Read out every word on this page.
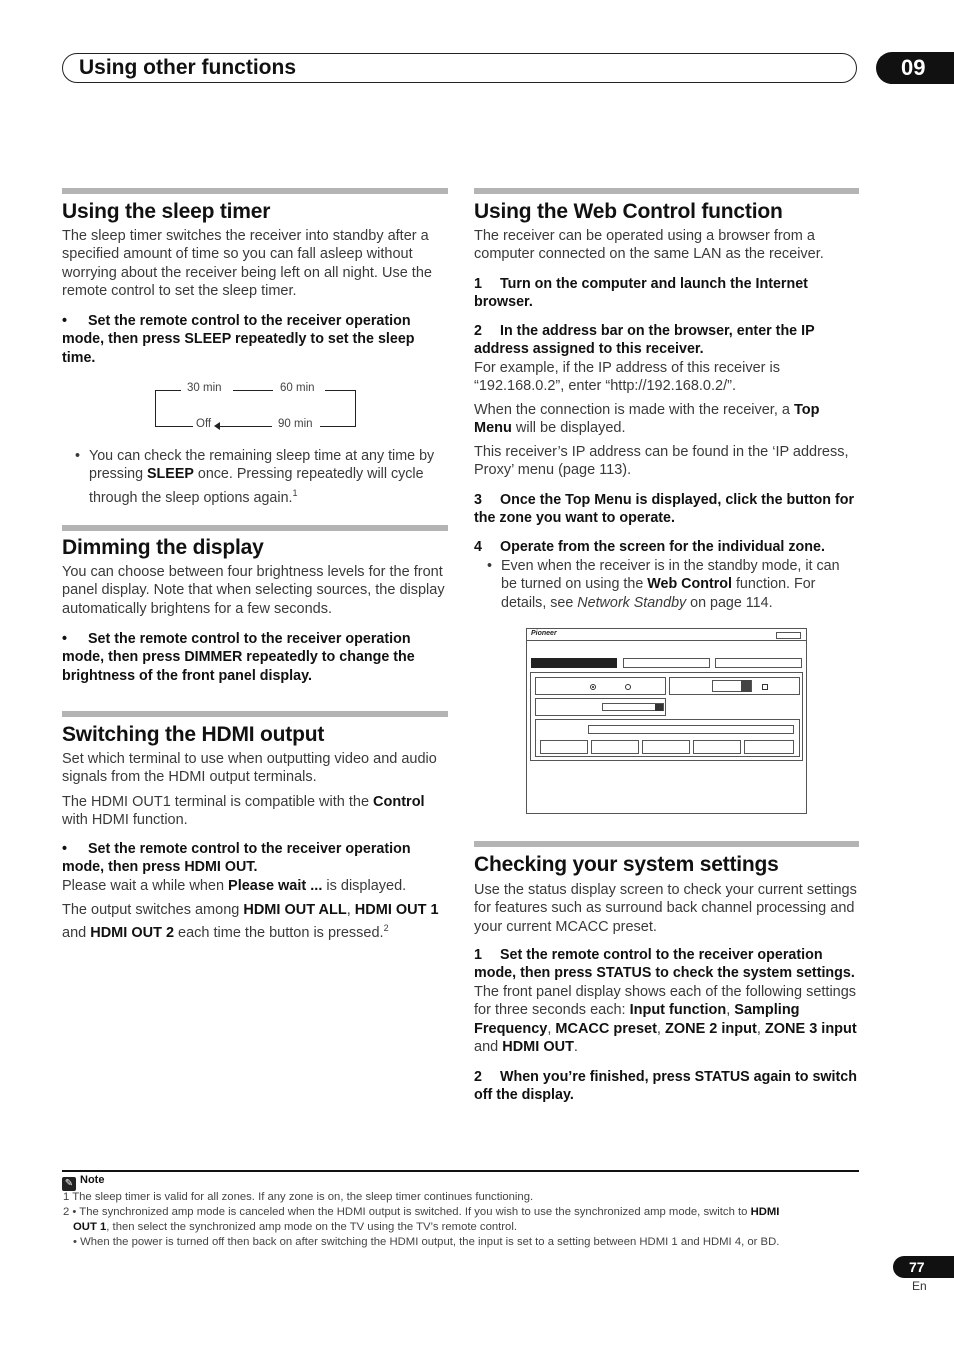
Using other functions	09
Using the sleep timer
The sleep timer switches the receiver into standby after a specified amount of time so you can fall asleep without worrying about the receiver being left on all night. Use the remote control to set the sleep timer.
• Set the remote control to the receiver operation mode, then press SLEEP repeatedly to set the sleep time.
30 min	60 min
Off	90 min
• You can check the remaining sleep time at any time by pressing SLEEP once. Pressing repeatedly will cycle through the sleep options again.$^1$
Dimming the display
You can choose between four brightness levels for the front panel display. Note that when selecting sources, the display automatically brightens for a few seconds.
• Set the remote control to the receiver operation mode, then press DIMMER repeatedly to change the brightness of the front panel display.
Switching the HDMI output
Set which terminal to use when outputting video and audio signals from the HDMI output terminals.
The HDMI OUT1 terminal is compatible with the Control with HDMI function.
• Set the remote control to the receiver operation mode, then press HDMI OUT.
Please wait a while when Please wait ... is displayed.
The output switches among HDMI OUT ALL, HDMI OUT 1 and HDMI OUT 2 each time the button is pressed.$^2$
Using the Web Control function
The receiver can be operated using a browser from a computer connected on the same LAN as the receiver.
1 Turn on the computer and launch the Internet browser.
2 In the address bar on the browser, enter the IP address assigned to this receiver.
For example, if the IP address of this receiver is “192.168.0.2”, enter “http://192.168.0.2/”.
When the connection is made with the receiver, a Top Menu will be displayed.
This receiver’s IP address can be found in the ‘IP address, Proxy’ menu (page 113).
3 Once the Top Menu is displayed, click the button for the zone you want to operate.
4 Operate from the screen for the individual zone.
• Even when the receiver is in the standby mode, it can be turned on using the Web Control function. For details, see Network Standby on page 114.
Pioneer
Checking your system settings
Use the status display screen to check your current settings for features such as surround back channel processing and your current MCACC preset.
1 Set the remote control to the receiver operation mode, then press STATUS to check the system settings.
The front panel display shows each of the following settings for three seconds each: Input function, Sampling Frequency, MCACC preset, ZONE 2 input, ZONE 3 input and HDMI OUT.
2 When you’re finished, press STATUS again to switch off the display.
✎ Note
1 The sleep timer is valid for all zones. If any zone is on, the sleep timer continues functioning.
2 • The synchronized amp mode is canceled when the HDMI output is switched. If you wish to use the synchronized amp mode, switch to HDMI
OUT 1, then select the synchronized amp mode on the TV using the TV’s remote control.
• When the power is turned off then back on after switching the HDMI output, the input is set to a setting between HDMI 1 and HDMI 4, or BD.
77
En
